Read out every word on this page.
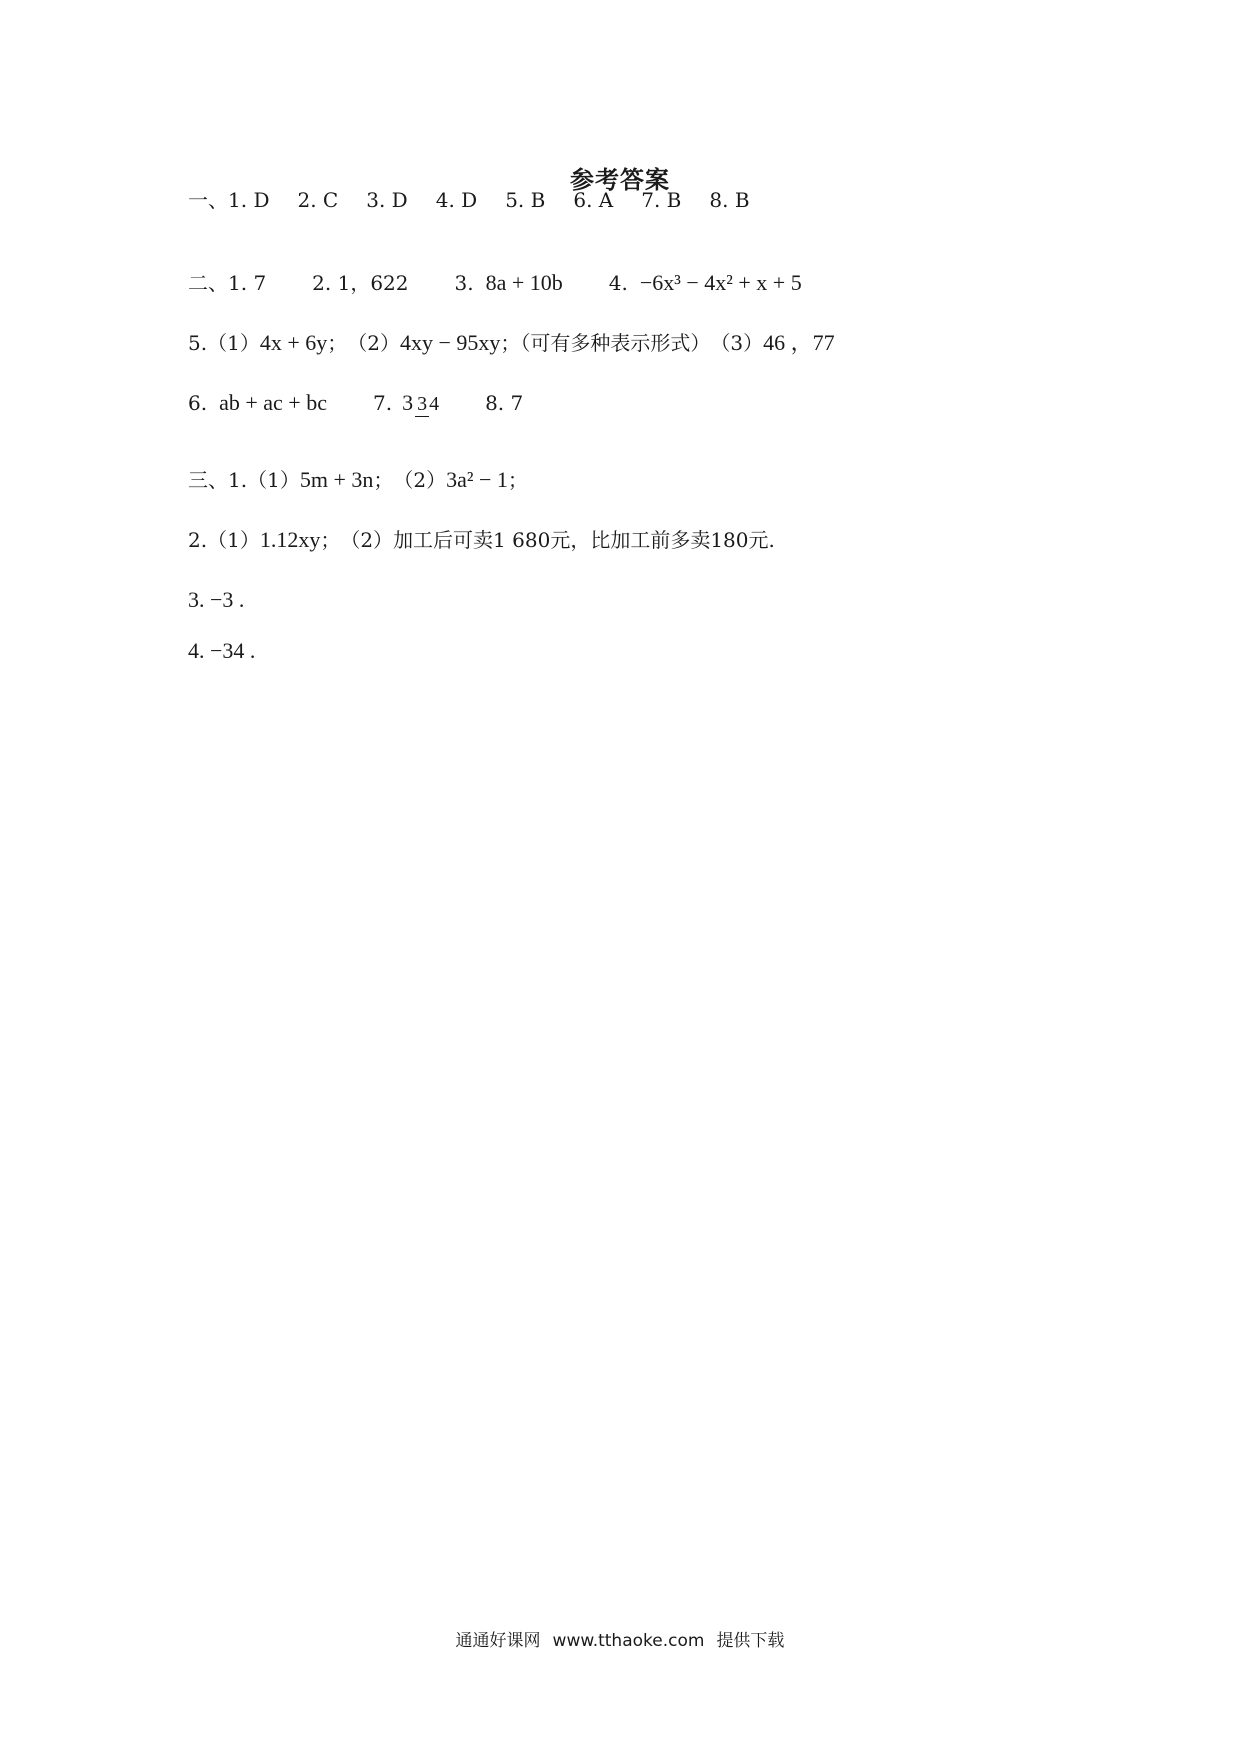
参考答案
一、1. D 2. C 3. D 4. D 5. B 6. A 7. B 8. B
二、1. 7 2. 1，622 3. 8a + 10b 4. −6x³ − 4x² + x + 5
5.（1）4x + 6y；（2）4xy − 95xy；（可有多种表示形式）（3）46 ，77
6. ab + ac + bc 7. 3 3 4 8. 7
三、1.（1）5m + 3n；（2）3a² − 1；
2.（1）1.12xy；（2）加工后可卖1 680元，比加工前多卖180元.
3. −3 .
4. −34 .
通通好课网 www.tthaoke.com 提供下载
